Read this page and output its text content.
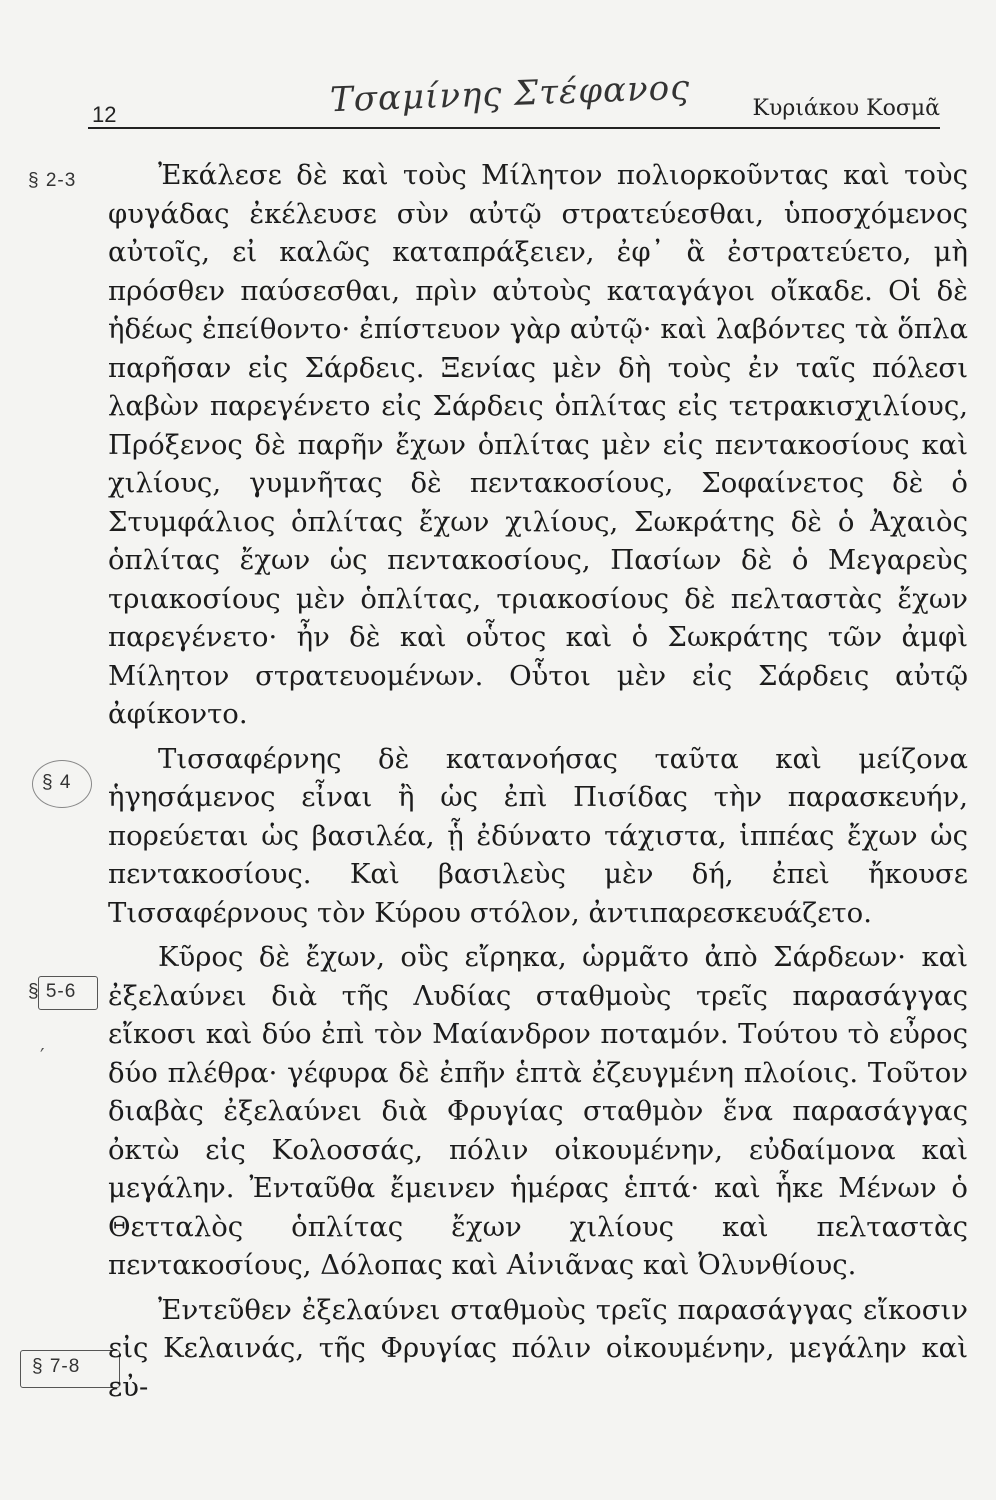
12	Τσαμίνης Στέφανος	Κυριάκου Κοσμᾶ
§ 2-3
§ 4
§ 5-6
§ 7-8
′

Ἐκάλεσε δὲ καὶ τοὺς Μίλητον πολιορκοῦντας καὶ τοὺς φυγάδας ἐκέλευσε σὺν αὐτῷ στρατεύεσθαι, ὑποσχόμενος αὐτοῖς, εἰ καλῶς καταπράξειεν, ἐφ᾽ ἃ ἐστρατεύετο, μὴ πρόσθεν παύσεσθαι, πρὶν αὐτοὺς καταγάγοι οἴκαδε. Οἱ δὲ ἡδέως ἐπείθοντο· ἐπίστευον γὰρ αὐτῷ· καὶ λαβόντες τὰ ὅπλα παρῆσαν εἰς Σάρδεις. Ξενίας μὲν δὴ τοὺς ἐν ταῖς πόλεσι λαβὼν παρεγένετο εἰς Σάρδεις ὁπλίτας εἰς τετρακισχιλίους, Πρόξενος δὲ παρῆν ἔχων ὁπλίτας μὲν εἰς πεντακοσίους καὶ χιλίους, γυμνῆτας δὲ πεντακοσίους, Σοφαίνετος δὲ ὁ Στυμφάλιος ὁπλίτας ἔχων χιλίους, Σωκράτης δὲ ὁ Ἀχαιὸς ὁπλίτας ἔχων ὡς πεντακοσίους, Πασίων δὲ ὁ Μεγαρεὺς τριακοσίους μὲν ὁπλίτας, τριακοσίους δὲ πελταστὰς ἔχων παρεγένετο· ἦν δὲ καὶ οὗτος καὶ ὁ Σωκράτης τῶν ἀμφὶ Μίλητον στρατευομένων. Οὗτοι μὲν εἰς Σάρδεις αὐτῷ ἀφίκοντο.

Τισσαφέρνης δὲ κατανοήσας ταῦτα καὶ μείζονα ἡγησάμενος εἶναι ἢ ὡς ἐπὶ Πισίδας τὴν παρασκευήν, πορεύεται ὡς βασιλέα, ᾗ ἐδύνατο τάχιστα, ἱππέας ἔχων ὡς πεντακοσίους. Καὶ βασιλεὺς μὲν δή, ἐπεὶ ἤκουσε Τισσαφέρνους τὸν Κύρου στόλον, ἀντιπαρεσκευάζετο.

Κῦρος δὲ ἔχων, οὓς εἴρηκα, ὡρμᾶτο ἀπὸ Σάρδεων· καὶ ἐξελαύνει διὰ τῆς Λυδίας σταθμοὺς τρεῖς παρασάγγας εἴκοσι καὶ δύο ἐπὶ τὸν Μαίανδρον ποταμόν. Τούτου τὸ εὖρος δύο πλέθρα· γέφυρα δὲ ἐπῆν ἑπτὰ ἐζευγμένη πλοίοις. Τοῦτον διαβὰς ἐξελαύνει διὰ Φρυγίας σταθμὸν ἕνα παρασάγγας ὀκτὼ εἰς Κολοσσάς, πόλιν οἰκουμένην, εὐδαίμονα καὶ μεγάλην. Ἐνταῦθα ἔμεινεν ἡμέρας ἑπτά· καὶ ἧκε Μένων ὁ Θετταλὸς ὁπλίτας ἔχων χιλίους καὶ πελταστὰς πεντακοσίους, Δόλοπας καὶ Αἰνιᾶνας καὶ Ὀλυνθίους.

Ἐντεῦθεν ἐξελαύνει σταθμοὺς τρεῖς παρασάγγας εἴκοσιν εἰς Κελαινάς, τῆς Φρυγίας πόλιν οἰκουμένην, μεγάλην καὶ εὐ-
